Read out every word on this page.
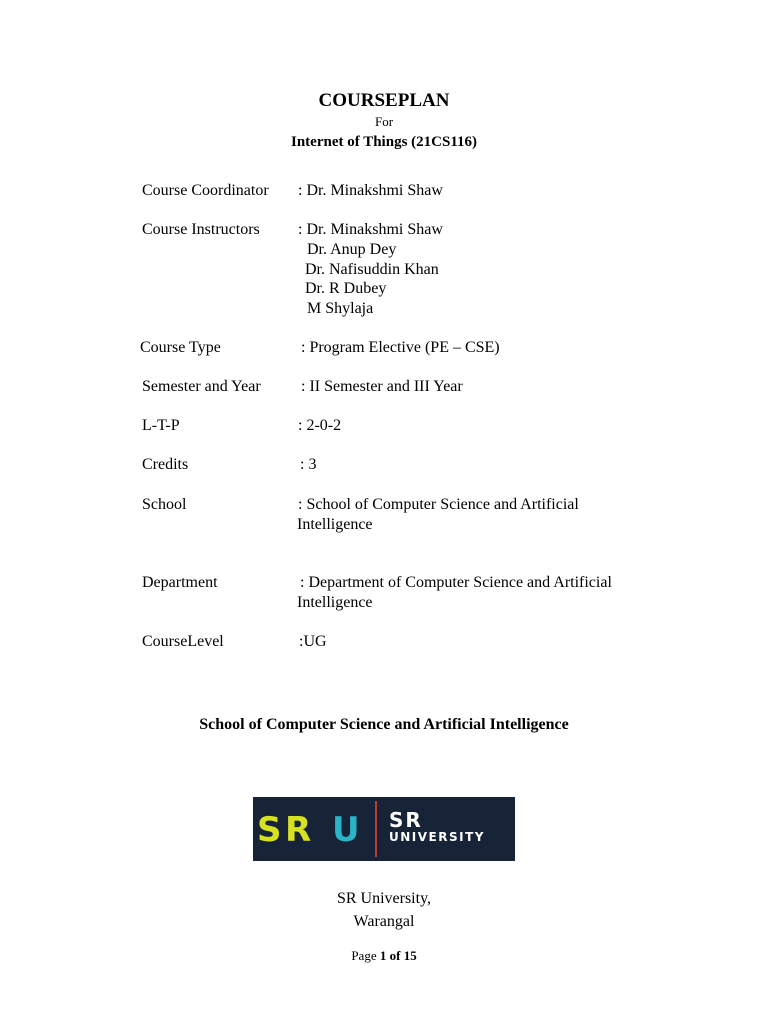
COURSEPLAN
For
Internet of Things (21CS116)
Course Coordinator : Dr. Minakshmi Shaw
Course Instructors : Dr. Minakshmi Shaw
Dr. Anup Dey
Dr. Nafisuddin Khan
Dr. R Dubey
M Shylaja
Course Type	: Program Elective (PE – CSE)
Semester and Year	: II Semester and III Year
L-T-P	: 2-0-2
Credits	: 3
School	: School of Computer Science and Artificial
Intelligence
Department	: Department of Computer Science and Artificial
Intelligence
CourseLevel	:UG
School of Computer Science and Artificial Intelligence
S R U SR
UNIVERSITY
SR University,
Warangal
Page 1 of 15
